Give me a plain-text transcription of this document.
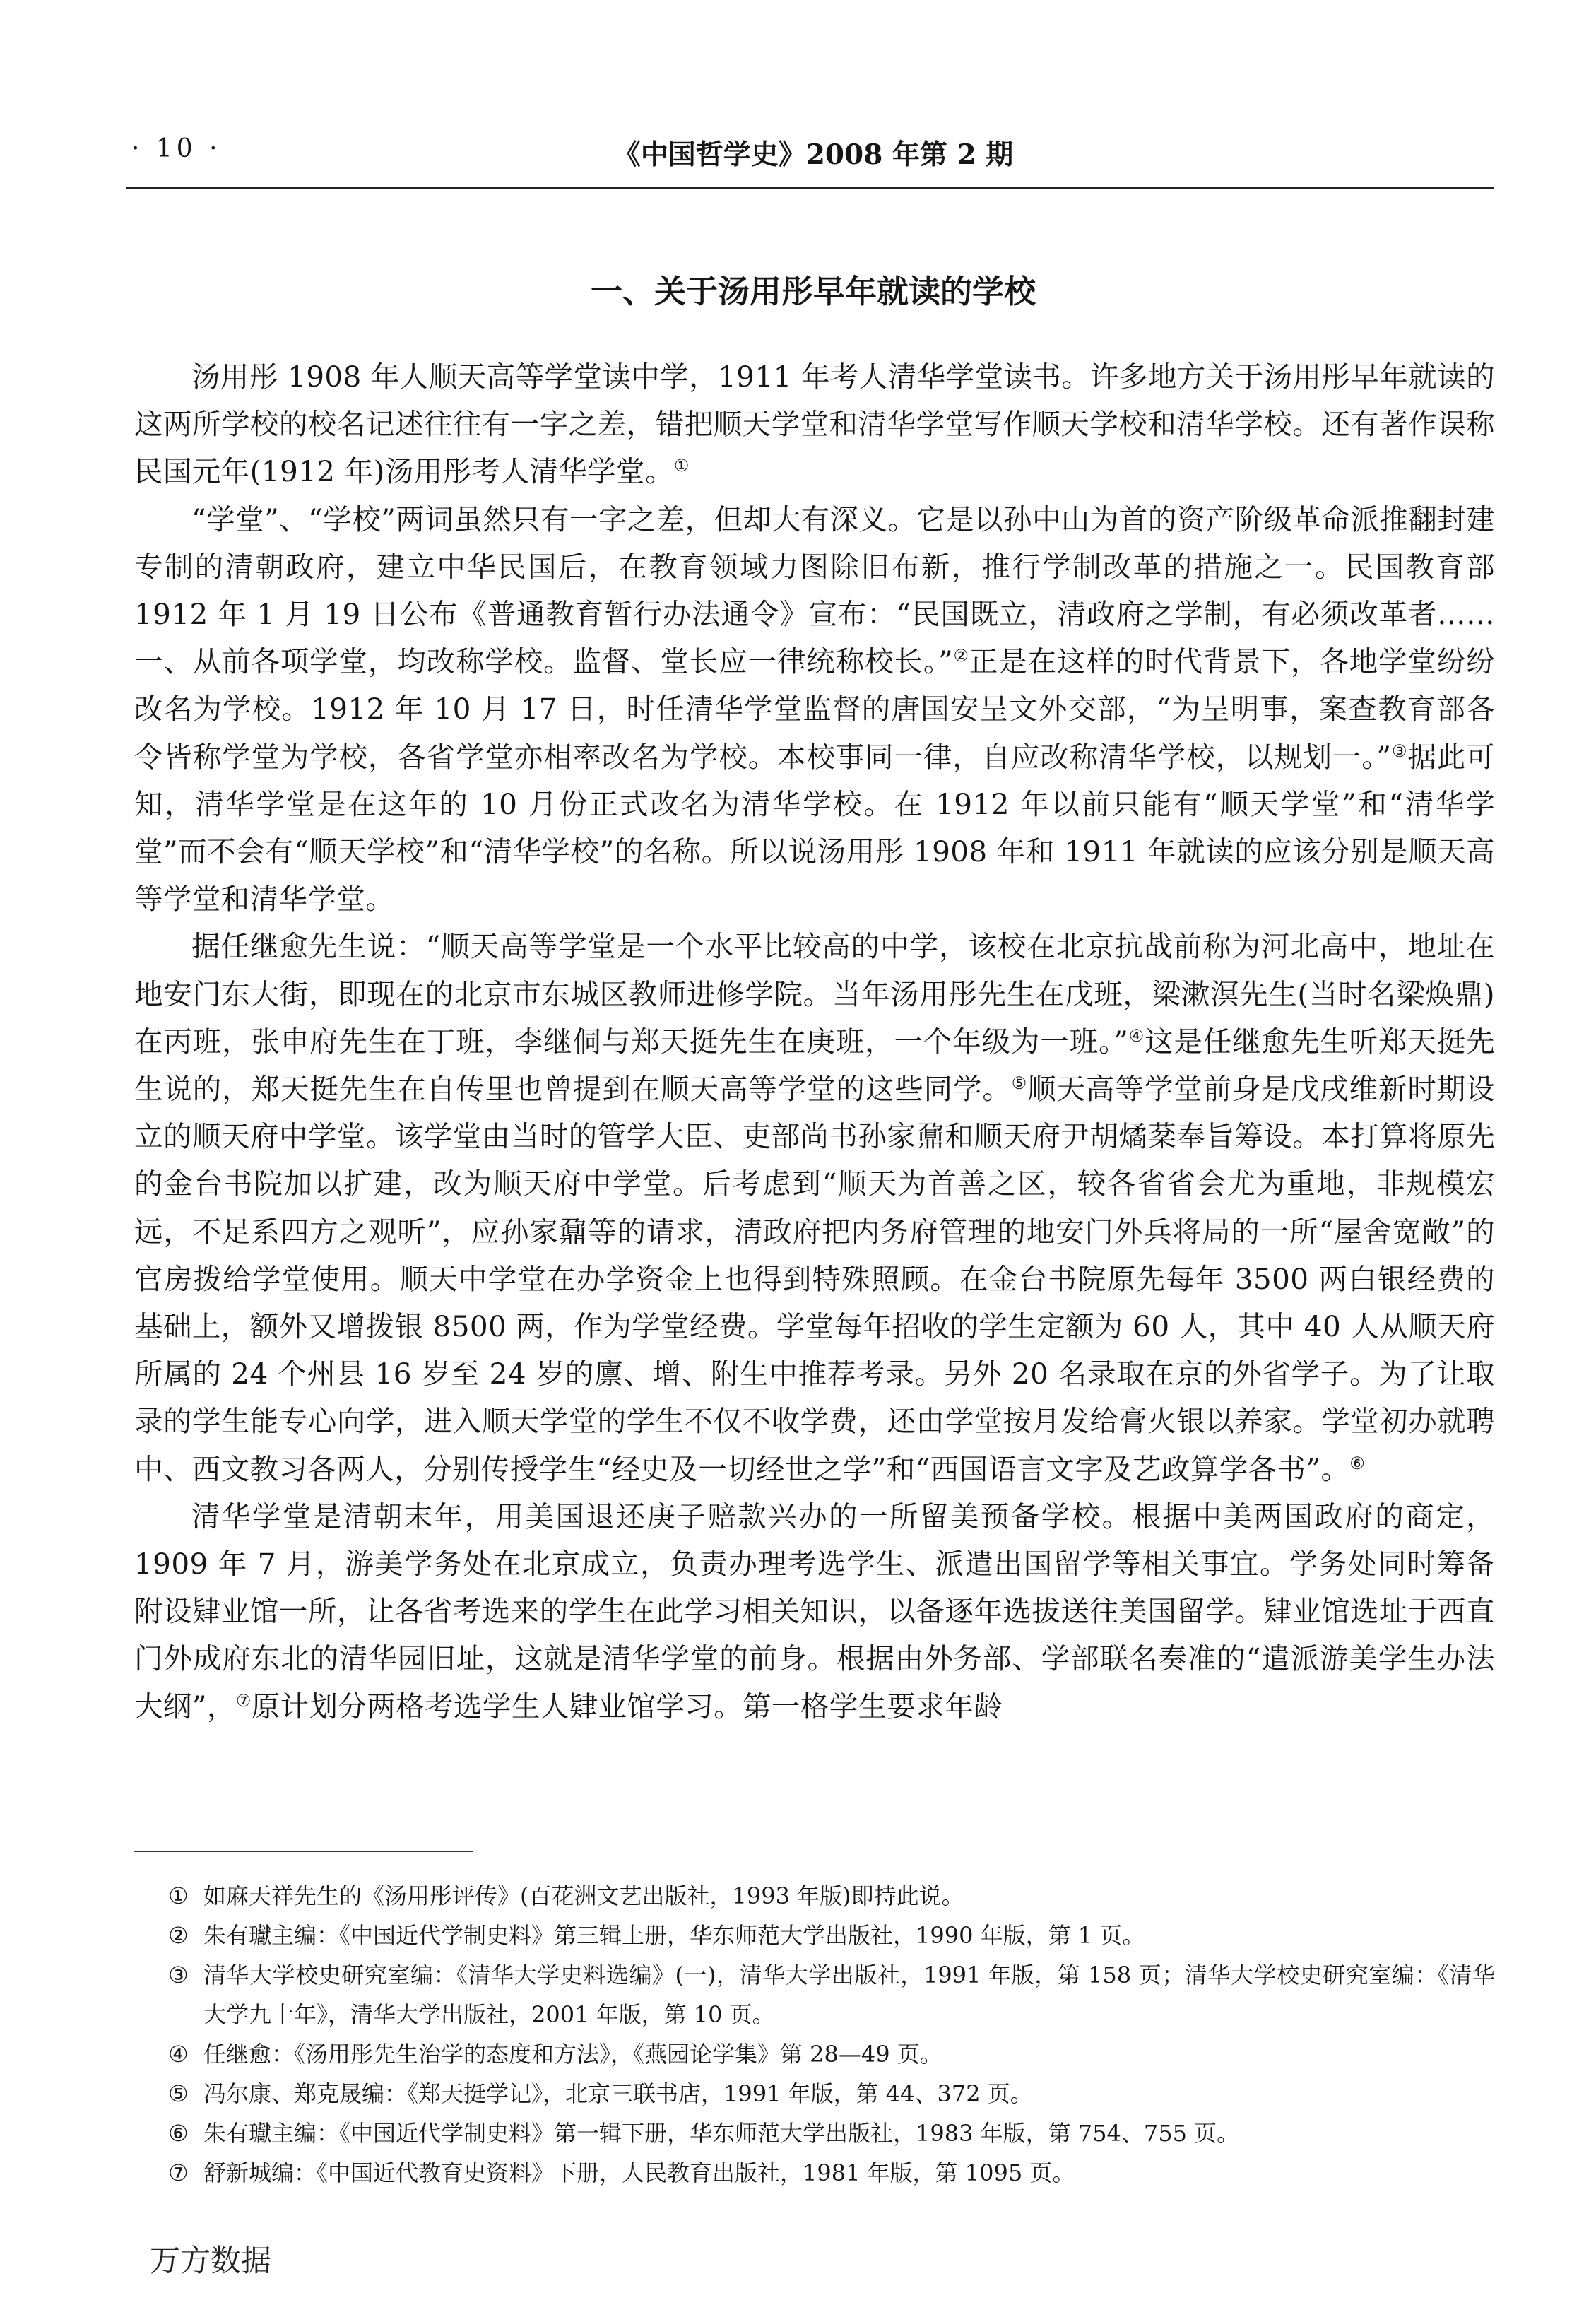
· 10 ·	《中国哲学史》2008 年第 2 期
一、关于汤用彤早年就读的学校

汤用彤 1908 年人顺天高等学堂读中学，1911 年考人清华学堂读书。许多地方关于汤用彤早年就读的这两所学校的校名记述往往有一字之差，错把顺天学堂和清华学堂写作顺天学校和清华学校。还有著作误称民国元年(1912 年)汤用彤考人清华学堂。①

“学堂”、“学校”两词虽然只有一字之差，但却大有深义。它是以孙中山为首的资产阶级革命派推翻封建专制的清朝政府，建立中华民国后，在教育领域力图除旧布新，推行学制改革的措施之一。民国教育部 1912 年 1 月 19 日公布《普通教育暂行办法通令》宣布：“民国既立，清政府之学制，有必须改革者……一、从前各项学堂，均改称学校。监督、堂长应一律统称校长。”②正是在这样的时代背景下，各地学堂纷纷改名为学校。1912 年 10 月 17 日，时任清华学堂监督的唐国安呈文外交部，“为呈明事，案查教育部各令皆称学堂为学校，各省学堂亦相率改名为学校。本校事同一律，自应改称清华学校，以规划一。”③据此可知，清华学堂是在这年的 10 月份正式改名为清华学校。在 1912 年以前只能有“顺天学堂”和“清华学堂”而不会有“顺天学校”和“清华学校”的名称。所以说汤用彤 1908 年和 1911 年就读的应该分别是顺天高等学堂和清华学堂。

据任继愈先生说：“顺天高等学堂是一个水平比较高的中学，该校在北京抗战前称为河北高中，地址在地安门东大街，即现在的北京市东城区教师进修学院。当年汤用彤先生在戊班，梁漱溟先生(当时名梁焕鼎)在丙班，张申府先生在丁班，李继侗与郑天挺先生在庚班，一个年级为一班。”④这是任继愈先生听郑天挺先生说的，郑天挺先生在自传里也曾提到在顺天高等学堂的这些同学。⑤顺天高等学堂前身是戊戌维新时期设立的顺天府中学堂。该学堂由当时的管学大臣、吏部尚书孙家鼐和顺天府尹胡燏棻奉旨筹设。本打算将原先的金台书院加以扩建，改为顺天府中学堂。后考虑到“顺天为首善之区，较各省省会尤为重地，非规模宏远，不足系四方之观听”，应孙家鼐等的请求，清政府把内务府管理的地安门外兵将局的一所“屋舍宽敞”的官房拨给学堂使用。顺天中学堂在办学资金上也得到特殊照顾。在金台书院原先每年 3500 两白银经费的基础上，额外又增拨银 8500 两，作为学堂经费。学堂每年招收的学生定额为 60 人，其中 40 人从顺天府所属的 24 个州县 16 岁至 24 岁的廪、增、附生中推荐考录。另外 20 名录取在京的外省学子。为了让取录的学生能专心向学，进入顺天学堂的学生不仅不收学费，还由学堂按月发给膏火银以养家。学堂初办就聘中、西文教习各两人，分别传授学生“经史及一切经世之学”和“西国语言文字及艺政算学各书”。⑥

清华学堂是清朝末年，用美国退还庚子赔款兴办的一所留美预备学校。根据中美两国政府的商定，1909 年 7 月，游美学务处在北京成立，负责办理考选学生、派遣出国留学等相关事宜。学务处同时筹备附设肄业馆一所，让各省考选来的学生在此学习相关知识，以备逐年选拔送往美国留学。肄业馆选址于西直门外成府东北的清华园旧址，这就是清华学堂的前身。根据由外务部、学部联名奏准的“遣派游美学生办法大纲”，⑦原计划分两格考选学生人肄业馆学习。第一格学生要求年龄

① 如麻天祥先生的《汤用彤评传》(百花洲文艺出版社，1993 年版)即持此说。
② 朱有瓛主编：《中国近代学制史料》第三辑上册，华东师范大学出版社，1990 年版，第 1 页。
③ 清华大学校史研究室编：《清华大学史料选编》(一)，清华大学出版社，1991 年版，第 158 页；清华大学校史研究室编：《清华大学九十年》，清华大学出版社，2001 年版，第 10 页。
④ 任继愈：《汤用彤先生治学的态度和方法》，《燕园论学集》第 28—49 页。
⑤ 冯尔康、郑克晟编：《郑天挺学记》，北京三联书店，1991 年版，第 44、372 页。
⑥ 朱有瓛主编：《中国近代学制史料》第一辑下册，华东师范大学出版社，1983 年版，第 754、755 页。
⑦ 舒新城编：《中国近代教育史资料》下册，人民教育出版社，1981 年版，第 1095 页。
万方数据
